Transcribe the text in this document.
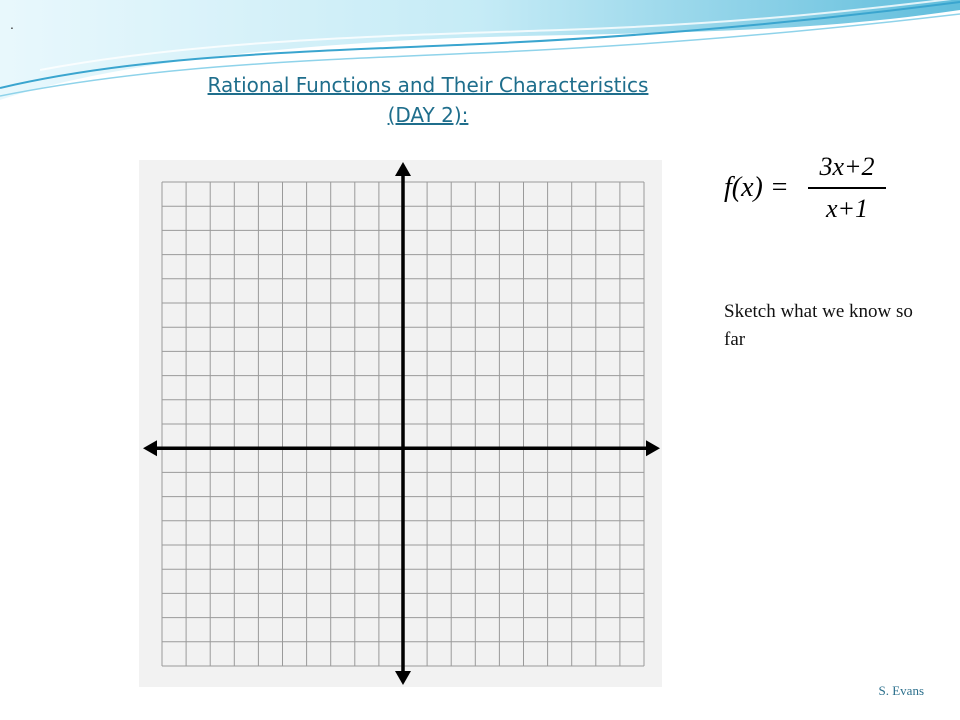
.
Rational Functions and Their Characteristics
(DAY 2):
f(x) =
3x+2
x+1
Sketch what we know so far
S. Evans
